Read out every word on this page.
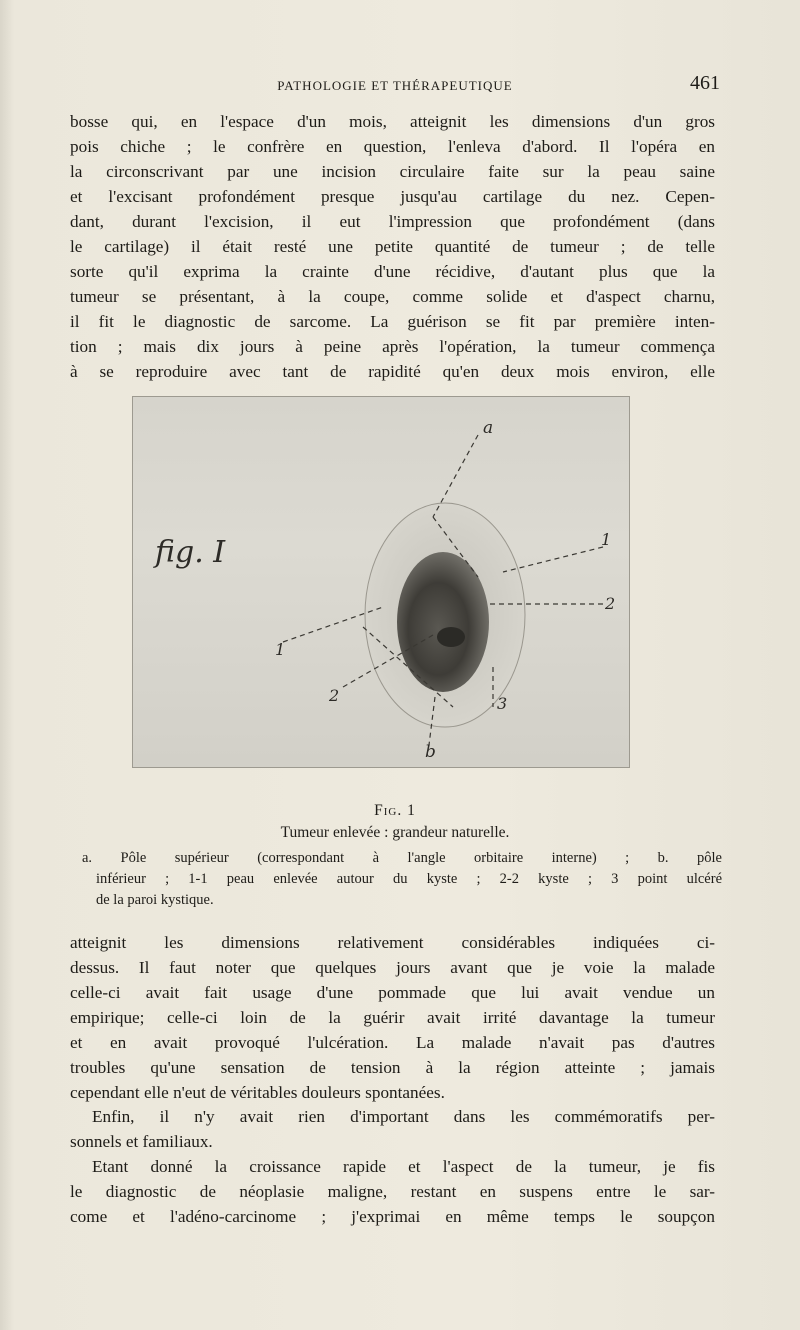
PATHOLOGIE ET THÉRAPEUTIQUE	461

bosse qui, en l'espace d'un mois, atteignit les dimensions d'un gros
pois chiche ; le confrère en question, l'enleva d'abord. Il l'opéra en
la circonscrivant par une incision circulaire faite sur la peau saine
et l'excisant profondément presque jusqu'au cartilage du nez. Cepen-
dant, durant l'excision, il eut l'impression que profondément (dans
le cartilage) il était resté une petite quantité de tumeur ; de telle
sorte qu'il exprima la crainte d'une récidive, d'autant plus que la
tumeur se présentant, à la coupe, comme solide et d'aspect charnu,
il fit le diagnostic de sarcome. La guérison se fit par première inten-
tion ; mais dix jours à peine après l'opération, la tumeur commença
à se reproduire avec tant de rapidité qu'en deux mois environ, elle

fig. I
a
1
2
1
2	3
b
Fig. 1
Tumeur enlevée : grandeur naturelle.

a. Pôle supérieur (correspondant à l'angle orbitaire interne) ; b. pôle
inférieur ; 1-1 peau enlevée autour du kyste ; 2-2 kyste ; 3 point ulcéré
de la paroi kystique.

atteignit les dimensions relativement considérables indiquées ci-
dessus. Il faut noter que quelques jours avant que je voie la malade
celle-ci avait fait usage d'une pommade que lui avait vendue un
empirique; celle-ci loin de la guérir avait irrité davantage la tumeur
et en avait provoqué l'ulcération. La malade n'avait pas d'autres
troubles qu'une sensation de tension à la région atteinte ; jamais
cependant elle n'eut de véritables douleurs spontanées.

Enfin, il n'y avait rien d'important dans les commémoratifs per-
sonnels et familiaux.

Etant donné la croissance rapide et l'aspect de la tumeur, je fis
le diagnostic de néoplasie maligne, restant en suspens entre le sar-
come et l'adéno-carcinome ; j'exprimai en même temps le soupçon
